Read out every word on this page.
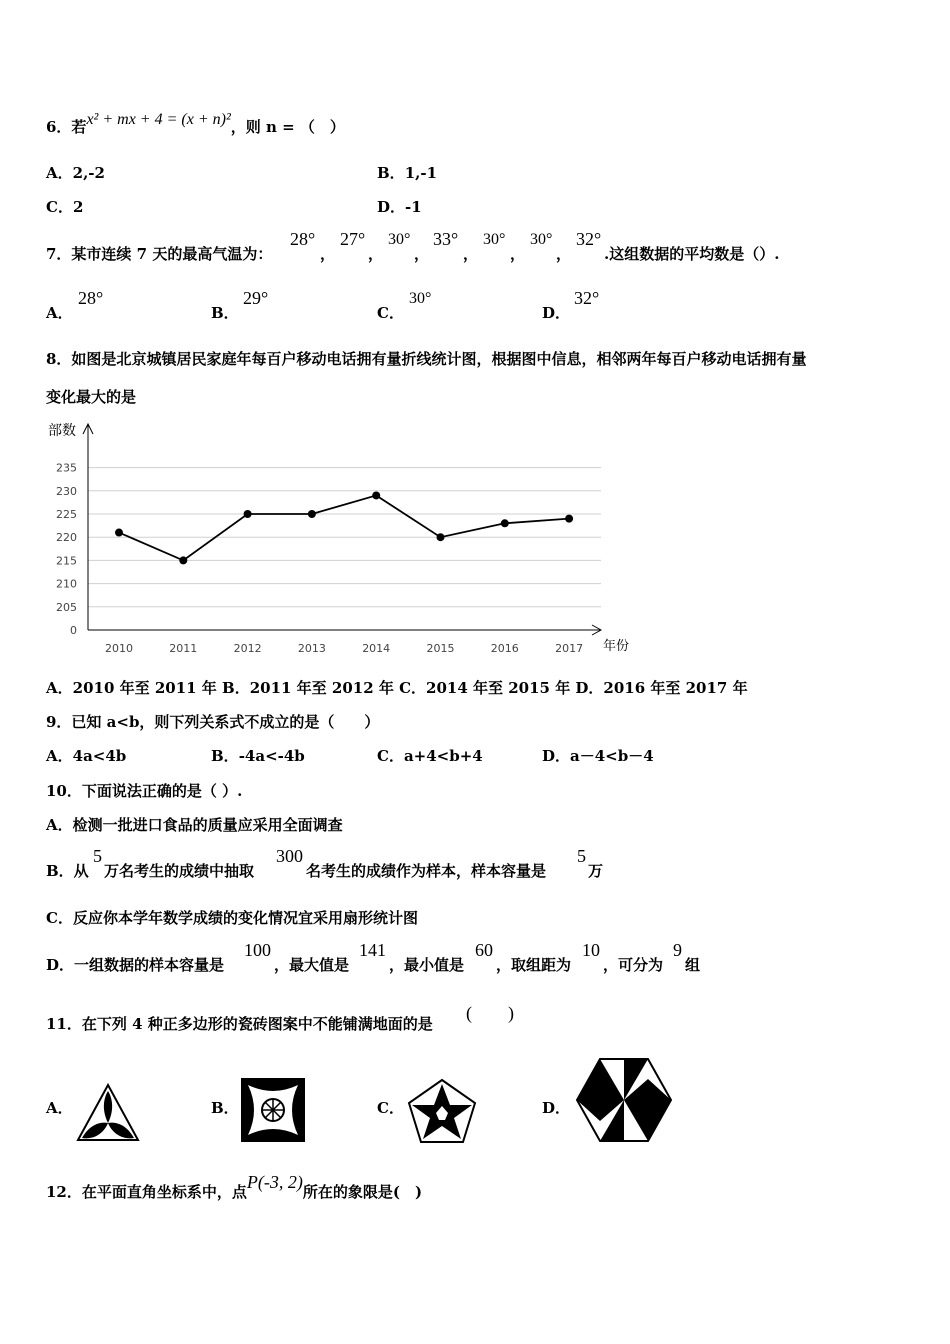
6．若x² + mx + 4 = (x + n)²，则 n = （　）
A．2,-2	B．1,-1
C．2	D．-1
7．某市连续 7 天的最高气温为：
28°
，
27°
，
30°
，
33°
，
30°
，
30°
，
32°
.这组数据的平均数是（）.
A．
28°
B．
29°
C．
30°
D．
32°
8．如图是北京城镇居民家庭年每百户移动电话拥有量折线统计图，根据图中信息，相邻两年每百户移动电话拥有量
变化最大的是
部数
年份
0
205
210
215
220
225
230
235
2010	2011	2012	2013	2014	2015	2016	2017
A．2010 年至 2011 年 B．2011 年至 2012 年 C．2014 年至 2015 年 D．2016 年至 2017 年
9．已知 a<b，则下列关系式不成立的是（　　）
A．4a<4b	B．-4a<-4b	C．a+4<b+4	D．a－4<b－4
10．下面说法正确的是（ ）.
A．检测一批进口食品的质量应采用全面调查
B．从
5
万名考生的成绩中抽取
300
名考生的成绩作为样本，样本容量是
5
万
C．反应你本学年数学成绩的变化情况宜采用扇形统计图
D．一组数据的样本容量是
100
，最大值是
141
，最小值是
60
，取组距为
10
，可分为
9
组
11．在下列 4 种正多边形的瓷砖图案中不能铺满地面的是
(　　)
A．	B．	C．	D．
12．在平面直角坐标系中，点P(-3, 2)所在的象限是(　)
